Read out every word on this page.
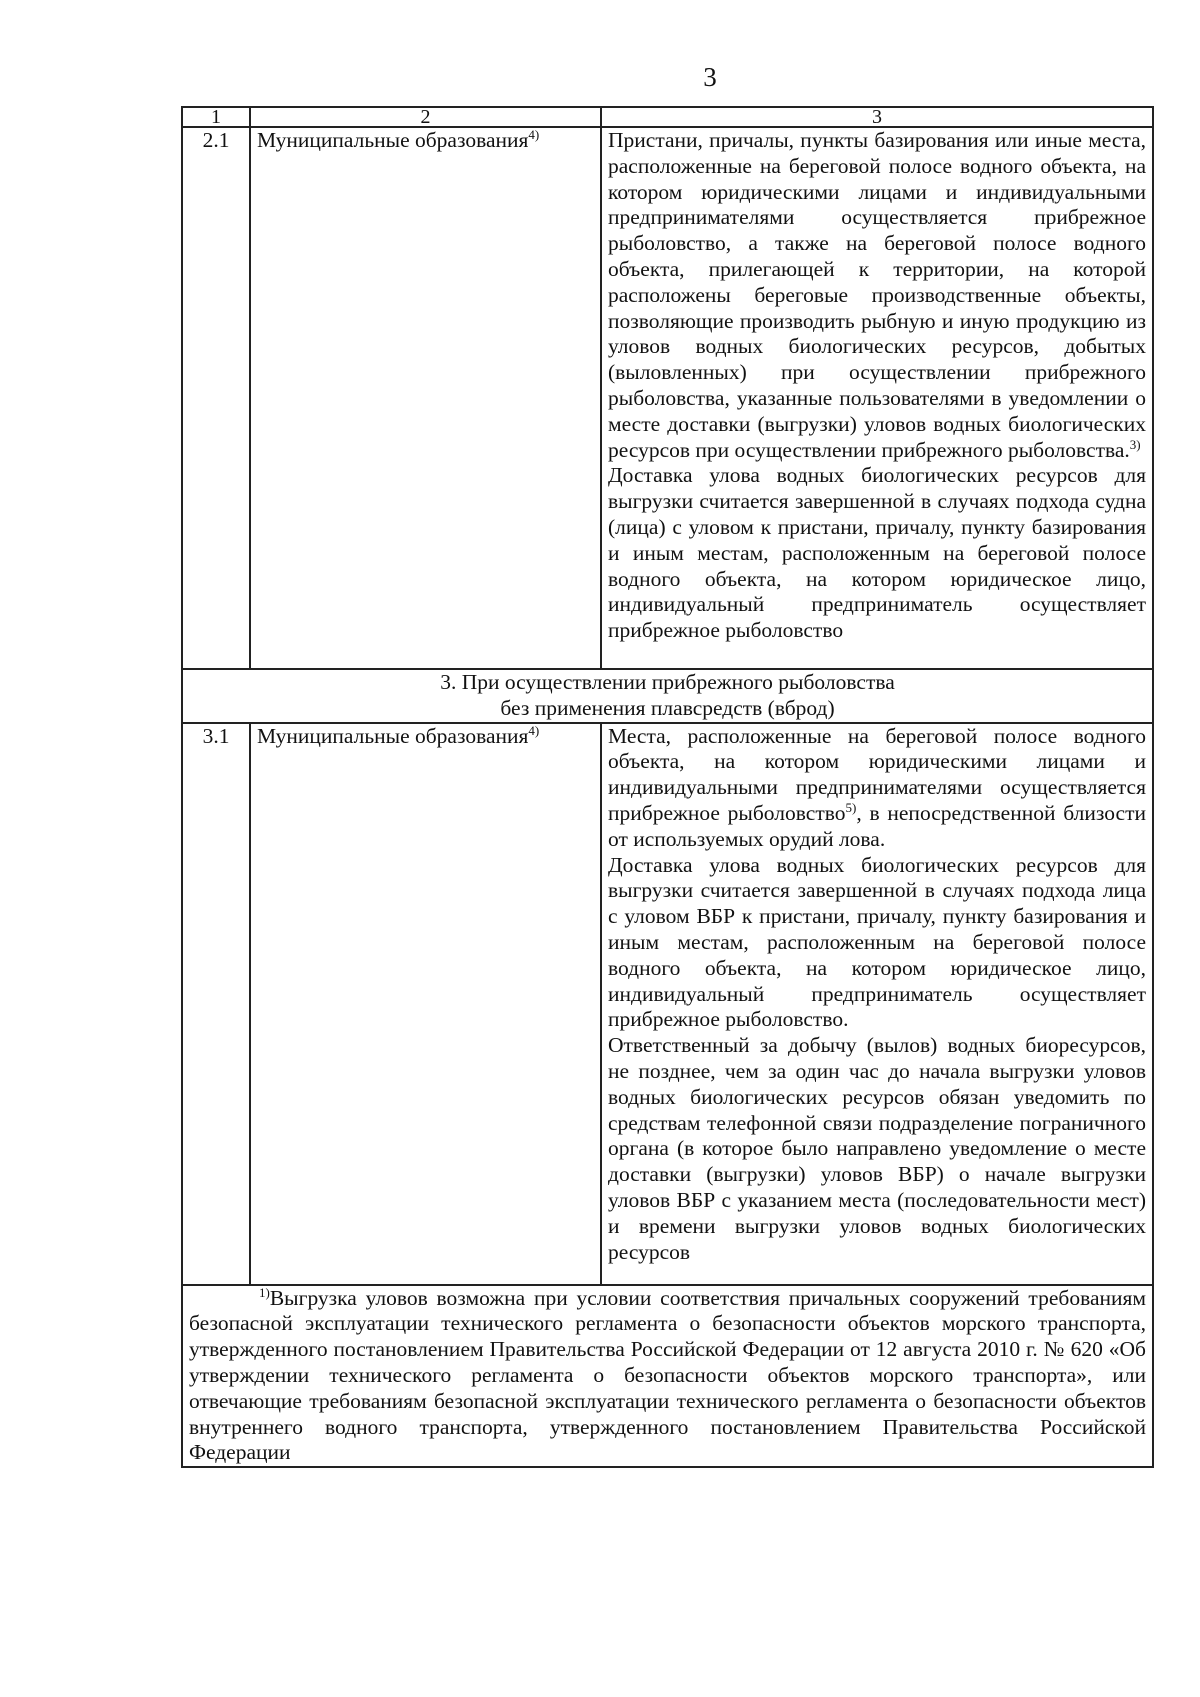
3
1	2	3
2.1	Муниципальные образования$^{4)}$	Пристани, причалы, пункты базирования или иные места, расположенные на береговой полосе водного объекта, на котором юридическими лицами и индивидуальными предпринимателями осуществляется прибрежное рыболовство, а также на береговой полосе водного объекта, прилегающей к территории, на которой расположены береговые производственные объекты, позволяющие производить рыбную и иную продукцию из уловов водных биологических ресурсов, добытых (выловленных) при осуществлении прибрежного рыболовства, указанные пользователями в уведомлении о месте доставки (выгрузки) уловов водных биологических ресурсов при осуществлении прибрежного рыболовства.$^{3)}$

Доставка улова водных биологических ресурсов для выгрузки считается завершенной в случаях подхода судна (лица) с уловом к пристани, причалу, пункту базирования и иным местам, расположенным на береговой полосе водного объекта, на котором юридическое лицо, индивидуальный предприниматель осуществляет прибрежное рыболовство

3. При осуществлении прибрежного рыболовства
без применения плавсредств (вброд)		

3.1	Муниципальные образования$^{4)}$	Места, расположенные на береговой полосе водного объекта, на котором юридическими лицами и индивидуальными предпринимателями осуществляется прибрежное рыболовство$^{5)}$, в непосредственной близости от используемых орудий лова.

Доставка улова водных биологических ресурсов для выгрузки считается завершенной в случаях подхода лица с уловом ВБР к пристани, причалу, пункту базирования и иным местам, расположенным на береговой полосе водного объекта, на котором юридическое лицо, индивидуальный предприниматель осуществляет прибрежное рыболовство.

Ответственный за добычу (вылов) водных биоресурсов, не позднее, чем за один час до начала выгрузки уловов водных биологических ресурсов обязан уведомить по средствам телефонной связи подразделение пограничного органа (в которое было направлено уведомление о месте доставки (выгрузки) уловов ВБР) о начале выгрузки уловов ВБР с указанием места (последовательности мест) и времени выгрузки уловов водных биологических ресурсов

$^{1)}$Выгрузка уловов возможна при условии соответствия причальных сооружений требованиям безопасной эксплуатации технического регламента о безопасности объектов морского транспорта, утвержденного постановлением Правительства Российской Федерации от 12 августа 2010 г. № 620 «Об утверждении технического регламента о безопасности объектов морского транспорта», или отвечающие требованиям безопасной эксплуатации технического регламента о безопасности объектов внутреннего водного транспорта, утвержденного постановлением Правительства Российской Федерации		
